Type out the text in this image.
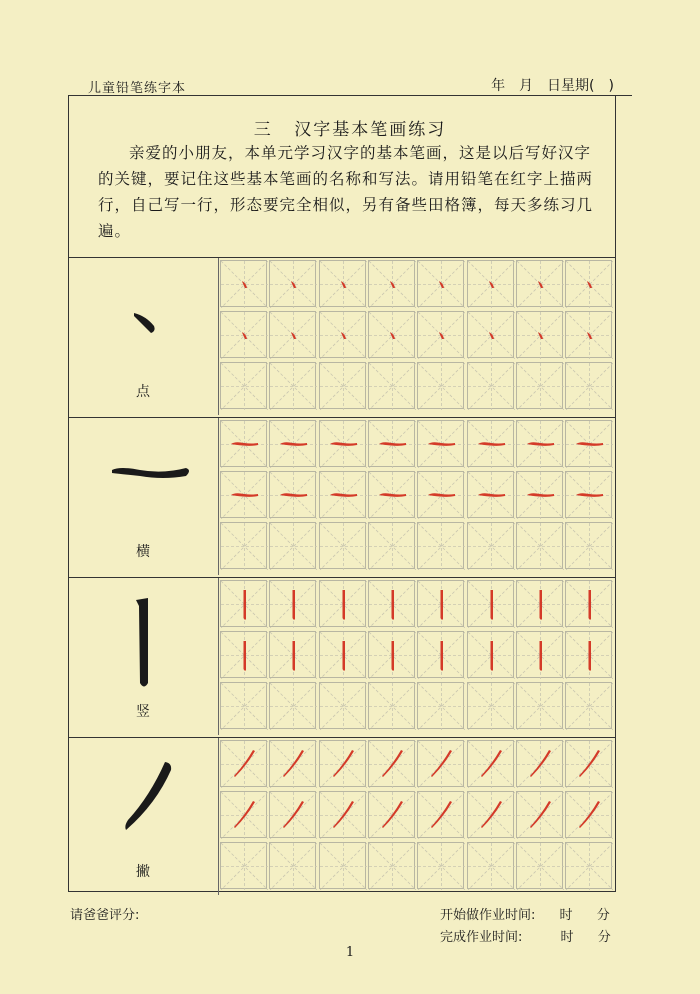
儿童铅笔练字本	年　月　日星期(　)
三 汉字基本笔画练习
亲爱的小朋友，本单元学习汉字的基本笔画，这是以后写好汉字的关键，要记住这些基本笔画的名称和写法。请用铅笔在红字上描两行，自己写一行，形态要完全相似，另有备些田格簿，每天多练习几遍。
点
横
竖
撇
请爸爸评分:	开始做作业时间: 时 分
完成作业时间:	时 分
1
